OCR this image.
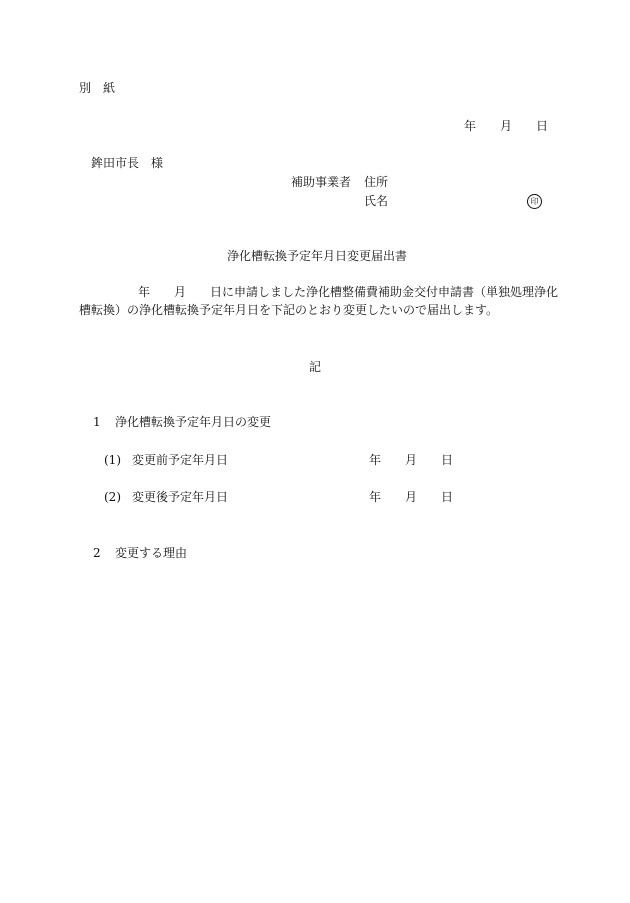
別　紙
年 月 日
鉾田市長　様
補助事業者 住所
氏名	印
浄化槽転換予定年月日変更届出書
年 月 日 に申請しました浄化槽整備費補助金交付申請書（単独処理浄化
槽転換）の浄化槽転換予定年月日を下記のとおり変更したいので届出します。
記
1 浄化槽転換予定年月日の変更
(1) 変更前予定年月日	年 月 日
(2) 変更後予定年月日	年 月 日
2 変更する理由
